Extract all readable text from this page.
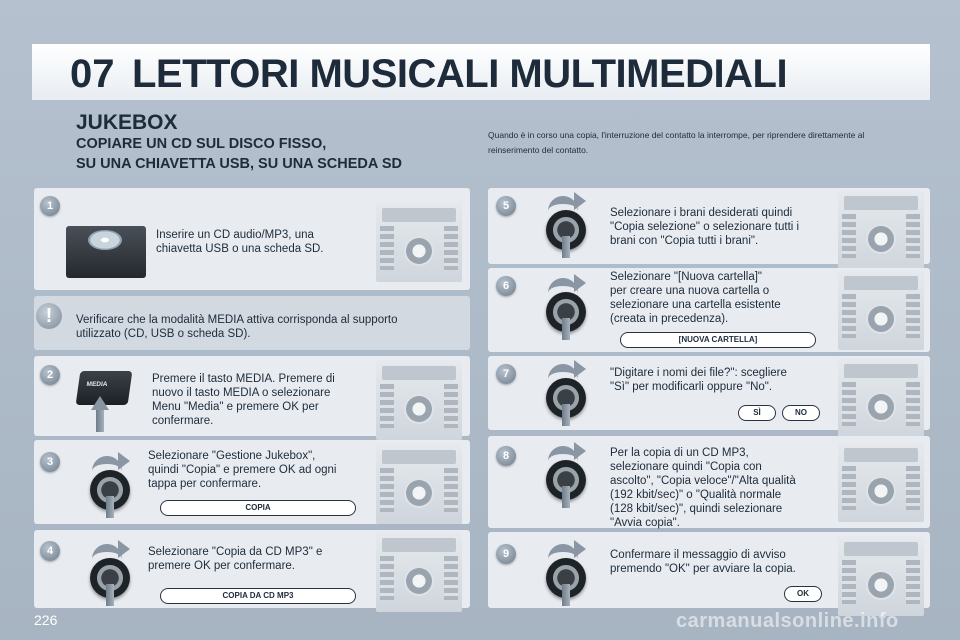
07 LETTORI MUSICALI MULTIMEDIALI
JUKEBOX
COPIARE UN CD SUL DISCO FISSO,
SU UNA CHIAVETTA USB, SU UNA SCHEDA SD
Quando è in corso una copia, l'interruzione del contatto la interrompe, per riprendere direttamente al reinserimento del contatto.
1
Inserire un CD audio/MP3, una
chiavetta USB o una scheda SD.
!	Verificare che la modalità MEDIA attiva corrisponda al supporto
utilizzato (CD, USB o scheda SD).
2
MEDIA	Premere il tasto MEDIA. Premere di
nuovo il tasto MEDIA o selezionare
Menu "Media" e premere OK per
confermare.
3	Selezionare "Gestione Jukebox",
quindi "Copia" e premere OK ad ogni
tappa per confermare.
COPIA
4	Selezionare "Copia da CD MP3" e
premere OK per confermare.
COPIA DA CD MP3
5
Selezionare i brani desiderati quindi
"Copia selezione" o selezionare tutti i
brani con "Copia tutti i brani".
6
Selezionare "[Nuova cartella]"
per creare una nuova cartella o
selezionare una cartella esistente
(creata in precedenza).
[NUOVA CARTELLA]
7	"Digitare i nomi dei file?": scegliere
"Sì" per modificarli oppure "No".
SÌ	NO
8	Per la copia di un CD MP3,
selezionare quindi "Copia con
ascolto", "Copia veloce"/"Alta qualità
(192 kbit/sec)" o "Qualità normale
(128 kbit/sec)", quindi selezionare
"Avvia copia".
9	Confermare il messaggio di avviso
premendo "OK" per avviare la copia.
OK
226	carmanualsonline.info
